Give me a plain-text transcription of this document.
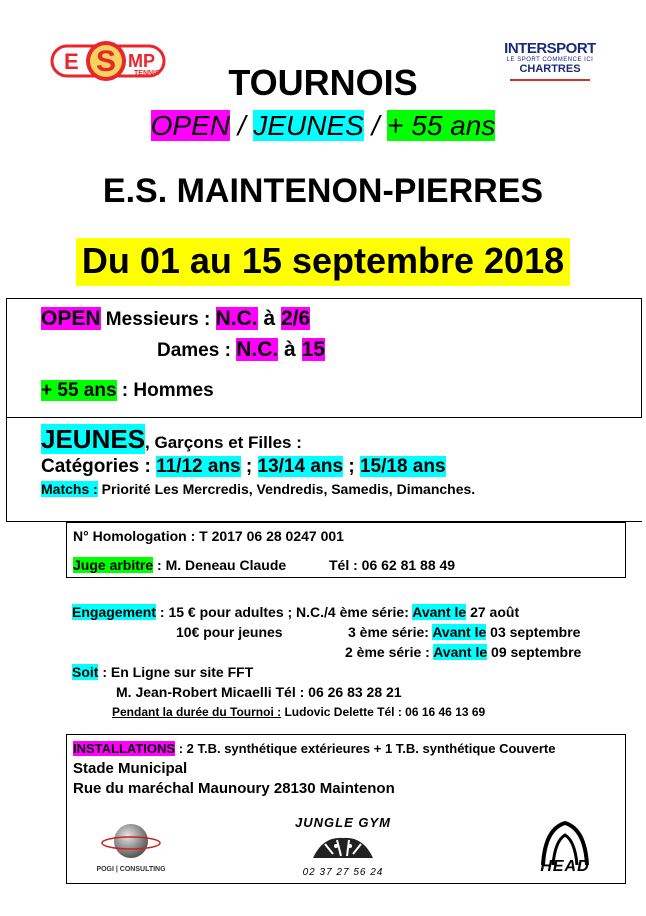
S
E	MP
TENNIS
INTERSPORT
LE SPORT COMMENCE ICI
CHARTRES
TOURNOIS
OPEN / JEUNES / + 55 ans
E.S. MAINTENON-PIERRES
Du 01 au 15 septembre 2018
OPEN Messieurs : N.C. à 2/6
Dames : N.C. à 15
+ 55 ans : Hommes
JEUNES, Garçons et Filles :
Catégories : 11/12 ans ; 13/14 ans ; 15/18 ans
Matchs : Priorité Les Mercredis, Vendredis, Samedis, Dimanches.
N° Homologation : T 2017 06 28 0247 001
Juge arbitre : M. Deneau Claude	Tél : 06 62 81 88 49
Engagement : 15 € pour adultes ; N.C./4 ème série: Avant le 27 août
10€ pour jeunes	3 ème série: Avant le 03 septembre
2 ème série : Avant le 09 septembre
Soit : En Ligne sur site FFT
M. Jean-Robert Micaelli Tél : 06 26 83 28 21
Pendant la durée du Tournoi : Ludovic Delette Tél : 06 16 46 13 69
INSTALLATIONS : 2 T.B. synthétique extérieures + 1 T.B. synthétique Couverte
Stade Municipal
Rue du maréchal Maunoury 28130 Maintenon
POGI | CONSULTING
JUNGLE GYM
02 37 27 56 24	HEAD
